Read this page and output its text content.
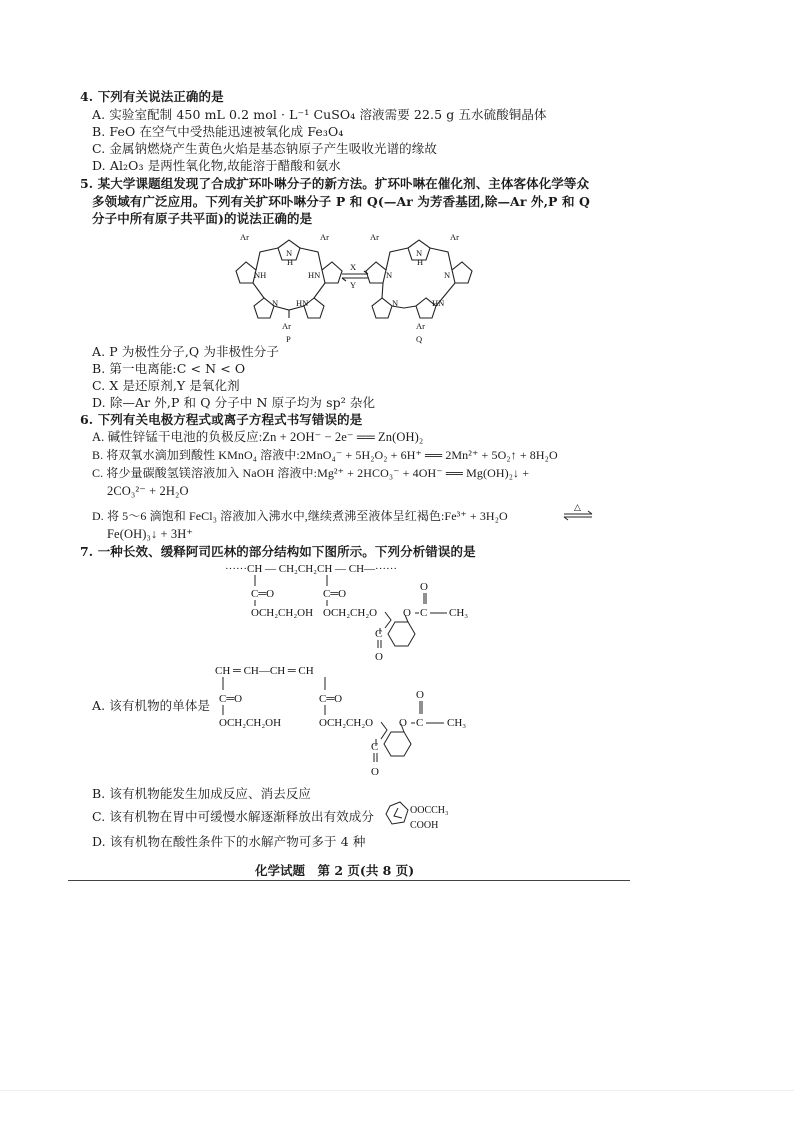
4. 下列有关说法正确的是
A. 实验室配制 450 mL 0.2 mol · L⁻¹ CuSO₄ 溶液需要 22.5 g 五水硫酸铜晶体
B. FeO 在空气中受热能迅速被氧化成 Fe₃O₄
C. 金属钠燃烧产生黄色火焰是基态钠原子产生吸收光谱的缘故
D. Al₂O₃ 是两性氧化物,故能溶于醋酸和氨水
5. 某大学课题组发现了合成扩环卟啉分子的新方法。扩环卟啉在催化剂、主体客体化学等众
多领域有广泛应用。下列有关扩环卟啉分子 P 和 Q(—Ar 为芳香基团,除—Ar 外,P 和 Q
分子中所有原子共平面)的说法正确的是
Ar	Ar
Ar
N
H
NH	HN
N HN
P
X
Y
Ar	Ar
Ar
N
H
N	N
N	HN
Q
A. P 为极性分子,Q 为非极性分子
B. 第一电离能:C < N < O
C. X 是还原剂,Y 是氧化剂
D. 除—Ar 外,P 和 Q 分子中 N 原子均为 sp² 杂化
6. 下列有关电极方程式或离子方程式书写错误的是
A. 碱性锌锰干电池的负极反应:Zn + 2OH⁻ − 2e⁻ ══ Zn(OH)₂
B. 将双氧水滴加到酸性 KMnO₄ 溶液中:2MnO₄⁻ + 5H₂O₂ + 6H⁺ ══ 2Mn²⁺ + 5O₂↑ + 8H₂O
C. 将少量碳酸氢镁溶液加入 NaOH 溶液中:Mg²⁺ + 2HCO₃⁻ + 4OH⁻ ══ Mg(OH)₂↓ +
2CO₃²⁻ + 2H₂O
D. 将 5～6 滴饱和 FeCl₃ 溶液加入沸水中,继续煮沸至液体呈红褐色:Fe³⁺ + 3H₂O
△
Fe(OH)₃↓ + 3H⁺
7. 一种长效、缓释阿司匹林的部分结构如下图所示。下列分析错误的是
······CH — CH₂CH₂CH — CH—······
C═O
OCH₂CH₂OH
C═O
OCH₂CH₂O O C
O
CH₃
C
O
A. 该有机物的单体是
CH ═ CH—CH ═ CH
C═O
OCH₂CH₂OH
C═O
OCH₂CH₂O O C
O
CH₃
C
O
B. 该有机物能发生加成反应、消去反应
C. 该有机物在胃中可缓慢水解逐渐释放出有效成分	OOCCH₃
COOH
D. 该有机物在酸性条件下的水解产物可多于 4 种
化学试题　第 2 页(共 8 页)
